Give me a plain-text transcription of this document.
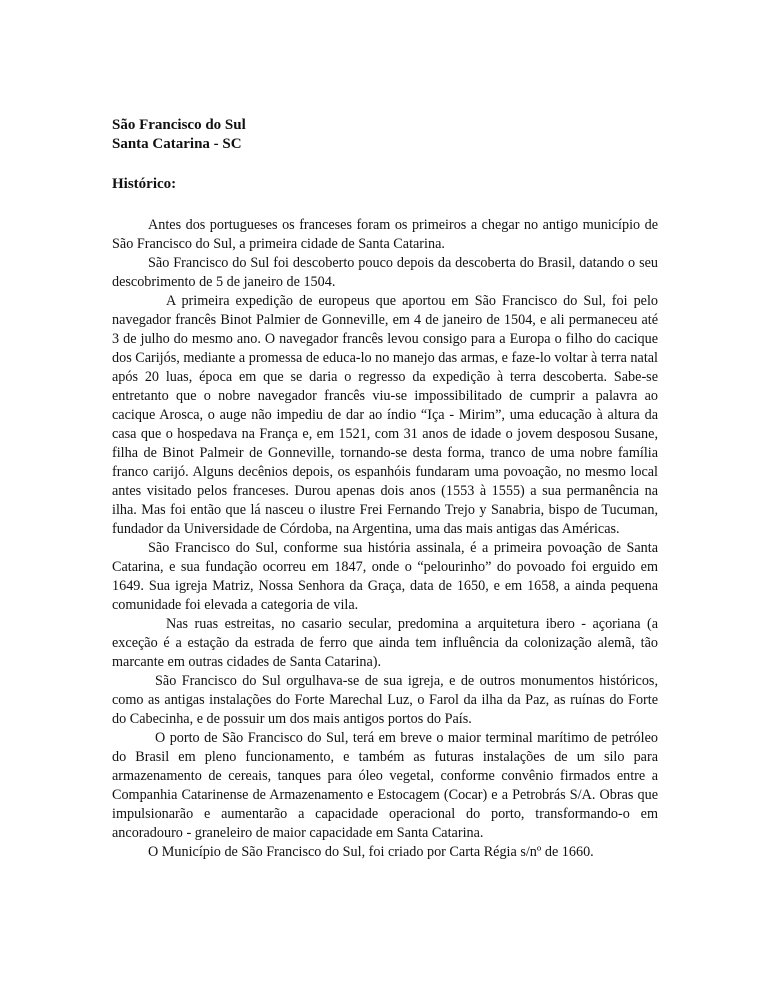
São Francisco do Sul

Santa Catarina - SC

Histórico:

Antes dos portugueses os franceses foram os primeiros a chegar no antigo município de São Francisco do Sul, a primeira cidade de Santa Catarina.

São Francisco do Sul foi descoberto pouco depois da descoberta do Brasil, datando o seu descobrimento de 5 de janeiro de 1504.

A primeira expedição de europeus que aportou em São Francisco do Sul, foi pelo navegador francês Binot Palmier de Gonneville, em 4 de janeiro de 1504, e ali permaneceu até 3 de julho do mesmo ano. O navegador francês levou consigo para a Europa o filho do cacique dos Carijós, mediante a promessa de educa-lo no manejo das armas, e faze-lo voltar à terra natal após 20 luas, época em que se daria o regresso da expedição à terra descoberta. Sabe-se entretanto que o nobre navegador francês viu-se impossibilitado de cumprir a palavra ao cacique Arosca, o auge não impediu de dar ao índio “Içа - Mirim”, uma educação à altura da casa que o hospedava na França e, em 1521, com 31 anos de idade o jovem desposou Susane, filha de Binot Palmeir de Gonneville, tornando-se desta forma, tranco de uma nobre família franco carijó. Alguns decênios depois, os espanhóis fundaram uma povoação, no mesmo local antes visitado pelos franceses. Durou apenas dois anos (1553 à 1555) a sua permanência na ilha. Mas foi então que lá nasceu o ilustre Frei Fernando Trejo y Sanabria, bispo de Tucuman, fundador da Universidade de Córdoba, na Argentina, uma das mais antigas das Américas.

São Francisco do Sul, conforme sua história assinala, é a primeira povoação de Santa Catarina, e sua fundação ocorreu em 1847, onde o “pelourinho” do povoado foi erguido em 1649. Sua igreja Matriz, Nossa Senhora da Graça, data de 1650, e em 1658, a ainda pequena comunidade foi elevada a categoria de vila.

Nas ruas estreitas, no casario secular, predomina a arquitetura ibero - açoriana (a exceção é a estação da estrada de ferro que ainda tem influência da colonização alemã, tão marcante em outras cidades de Santa Catarina).

São Francisco do Sul orgulhava-se de sua igreja, e de outros monumentos históricos, como as antigas instalações do Forte Marechal Luz, o Farol da ilha da Paz, as ruínas do Forte do Cabecinha, e de possuir um dos mais antigos portos do País.

O porto de São Francisco do Sul, terá em breve o maior terminal marítimo de petróleo do Brasil em pleno funcionamento, e também as futuras instalações de um silo para armazenamento de cereais, tanques para óleo vegetal, conforme convênio firmados entre a Companhia Catarinense de Armazenamento e Estocagem (Cocar) e a Petrobrás S/A. Obras que impulsionarão e aumentarão a capacidade operacional do porto, transformando-o em ancoradouro - graneleiro de maior capacidade em Santa Catarina.

O Município de São Francisco do Sul, foi criado por Carta Régia s/nº de 1660.
